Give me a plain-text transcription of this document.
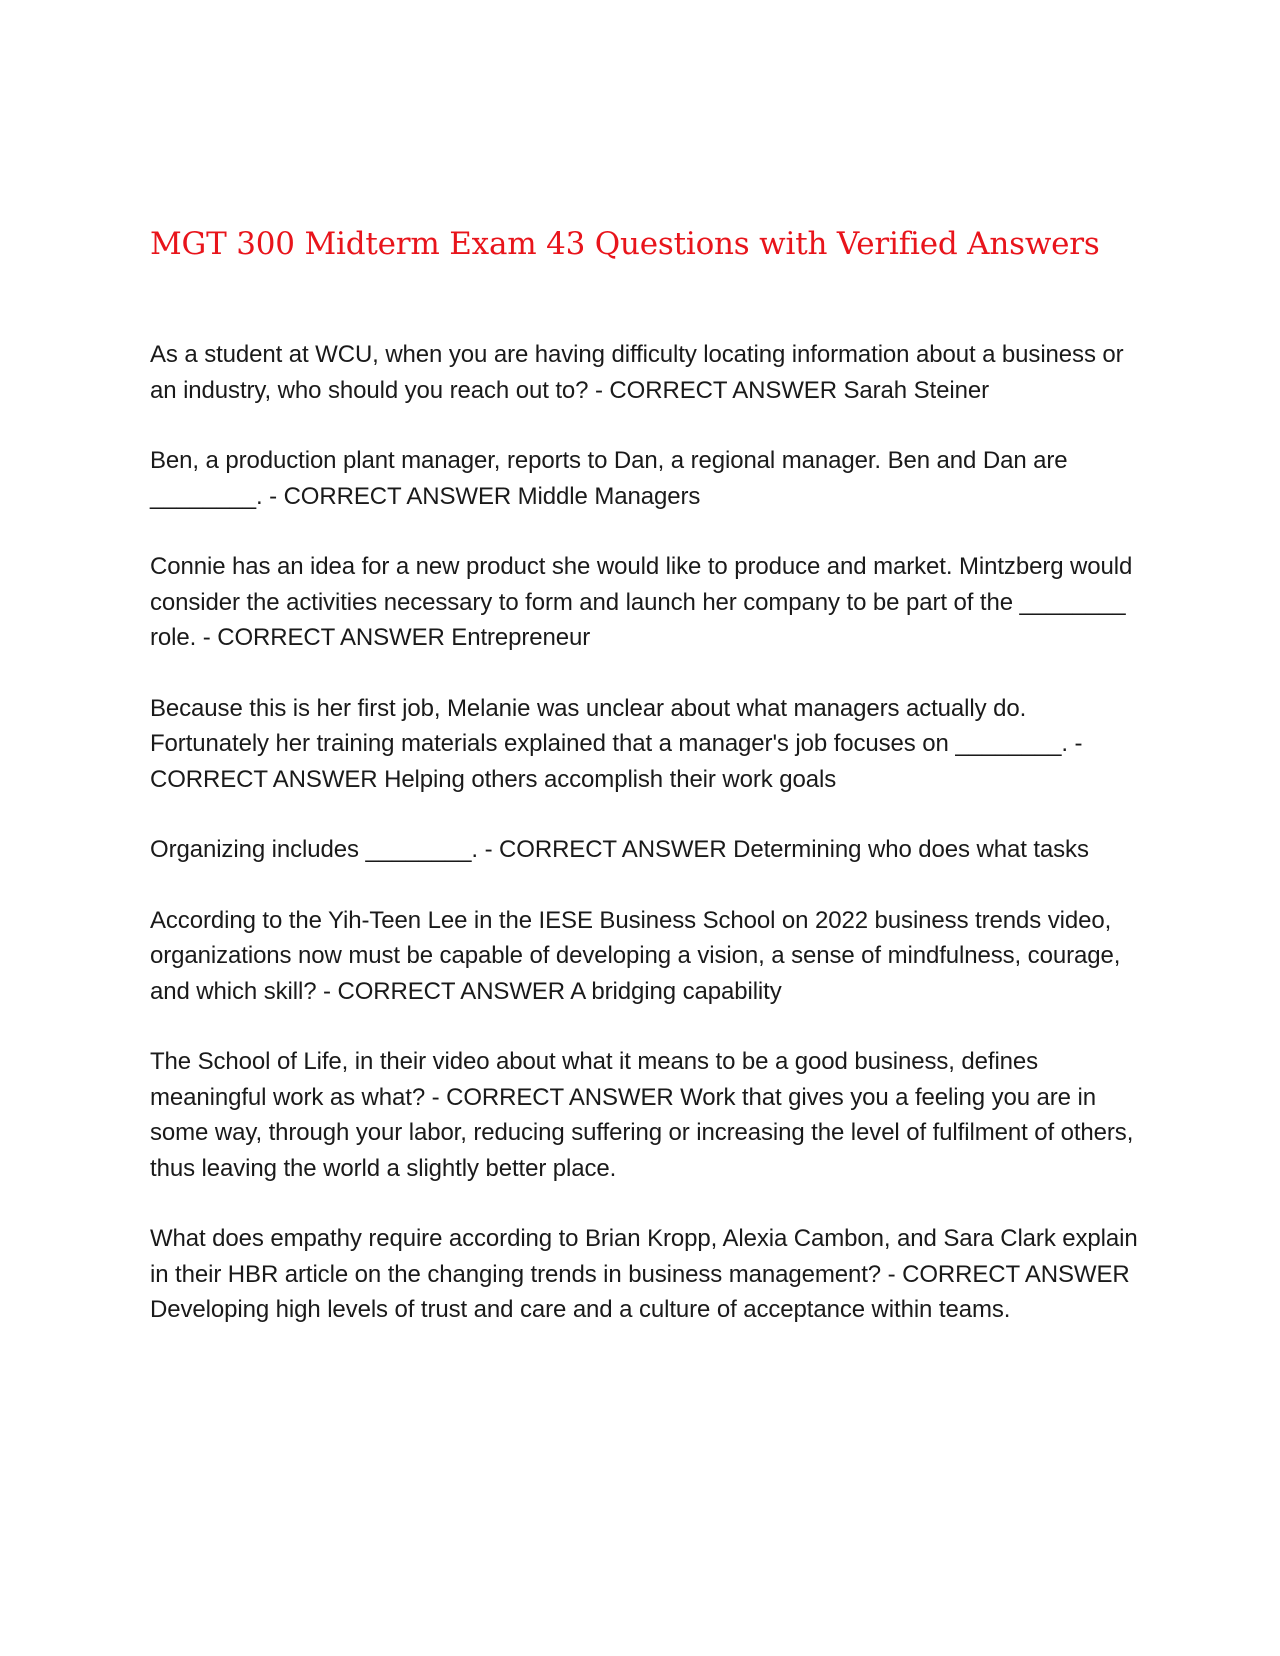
MGT 300 Midterm Exam 43 Questions with Verified Answers

As a student at WCU, when you are having difficulty locating information about a business or an industry, who should you reach out to? - CORRECT ANSWER Sarah Steiner

Ben, a production plant manager, reports to Dan, a regional manager. Ben and Dan are ________. - CORRECT ANSWER Middle Managers

Connie has an idea for a new product she would like to produce and market. Mintzberg would consider the activities necessary to form and launch her company to be part of the ________ role. - CORRECT ANSWER Entrepreneur

Because this is her first job, Melanie was unclear about what managers actually do. Fortunately her training materials explained that a manager's job focuses on ________. - CORRECT ANSWER Helping others accomplish their work goals

Organizing includes ________. - CORRECT ANSWER Determining who does what tasks

According to the Yih-Teen Lee in the IESE Business School on 2022 business trends video, organizations now must be capable of developing a vision, a sense of mindfulness, courage, and which skill? - CORRECT ANSWER A bridging capability

The School of Life, in their video about what it means to be a good business, defines meaningful work as what? - CORRECT ANSWER Work that gives you a feeling you are in some way, through your labor, reducing suffering or increasing the level of fulfilment of others, thus leaving the world a slightly better place.

What does empathy require according to Brian Kropp, Alexia Cambon, and Sara Clark explain in their HBR article on the changing trends in business management? - CORRECT ANSWER Developing high levels of trust and care and a culture of acceptance within teams.
